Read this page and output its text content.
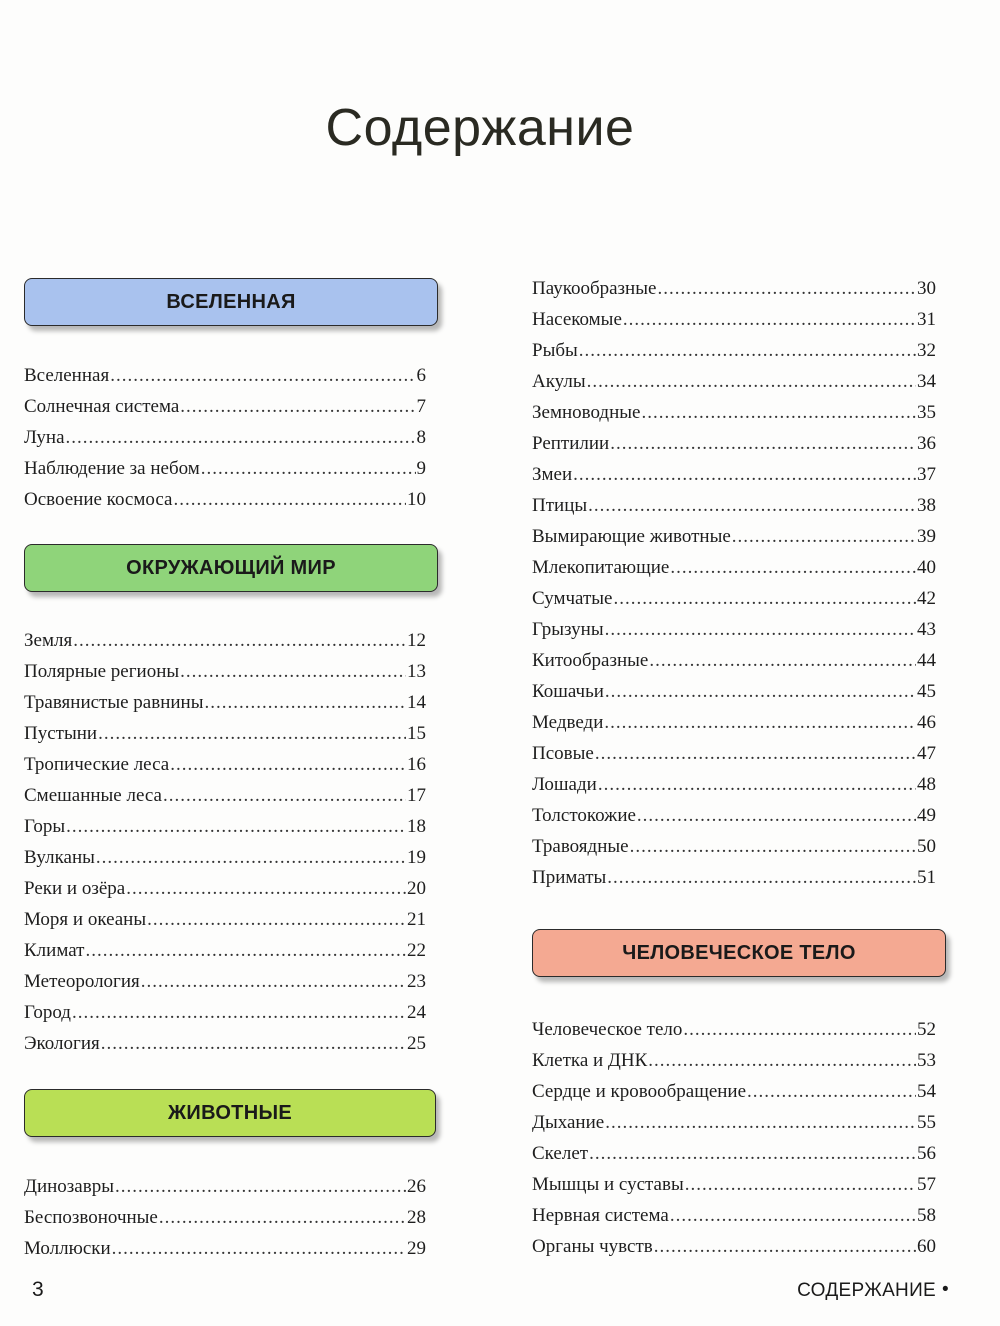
Содержание
ВСЕЛЕННАЯ
Вселенная .....	6
Солнечная система .....	7
Луна .....	8
Наблюдение за небом .....	9
Освоение космоса .....	10
ОКРУЖАЮЩИЙ МИР
Земля .....	12
Полярные регионы .....	13
Травянистые равнины .....	14
Пустыни .....	15
Тропические леса .....	16
Смешанные леса .....	17
Горы .....	18
Вулканы .....	19
Реки и озёра .....	20
Моря и океаны .....	21
Климат .....	22
Метеорология .....	23
Город .....	24
Экология .....	25
ЖИВОТНЫЕ
Динозавры .....	26
Беспозвоночные .....	28
Моллюски .....	29
Паукообразные .....	30
Насекомые .....	31
Рыбы .....	32
Акулы .....	34
Земноводные .....	35
Рептилии .....	36
Змеи .....	37
Птицы .....	38
Вымирающие животные .....	39
Млекопитающие .....	40
Сумчатые .....	42
Грызуны .....	43
Китообразные .....	44
Кошачьи .....	45
Медведи .....	46
Псовые .....	47
Лошади .....	48
Толстокожие .....	49
Травоядные .....	50
Приматы .....	51
ЧЕЛОВЕЧЕСКОЕ ТЕЛО
Человеческое тело .....	52
Клетка и ДНК .....	53
Сердце и кровообращение .....	54
Дыхание .....	55
Скелет .....	56
Мышцы и суставы .....	57
Нервная система .....	58
Органы чувств .....	60
3	СОДЕРЖАНИЕ •
